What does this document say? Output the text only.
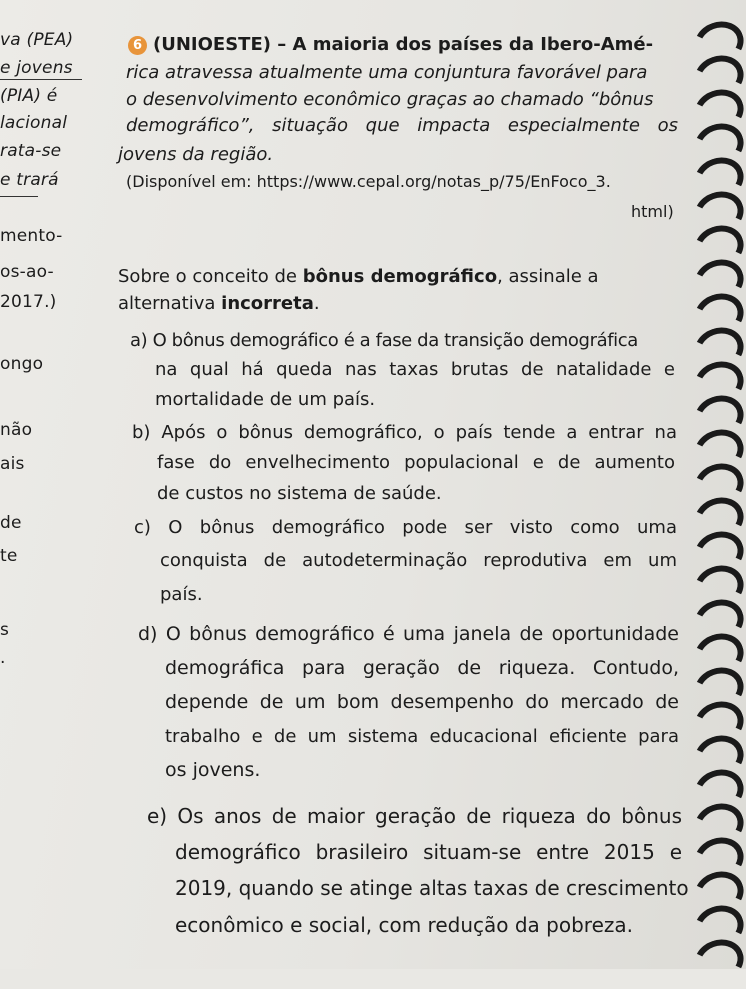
va (PEA)
e jovens
(PIA) é
lacional
rata-se
e trará
mento-
os-ao-
2017.)
ongo
não
ais
de
te
s
.
6 (UNIOESTE) – A maioria dos países da Ibero-Amé-
rica atravessa atualmente uma conjuntura favorável para
o desenvolvimento econômico graças ao chamado “bônus
demográfico”, situação que impacta especialmente os
jovens da região.
(Disponível em: https://www.cepal.org/notas_p/75/EnFoco_3.
html)
Sobre o conceito de bônus demográfico, assinale a
alternativa incorreta.
a) O bônus demográfico é a fase da transição demográfica
na qual há queda nas taxas brutas de natalidade e
mortalidade de um país.
b) Após o bônus demográfico, o país tende a entrar na
fase do envelhecimento populacional e de aumento
de custos no sistema de saúde.
c) O bônus demográfico pode ser visto como uma
conquista de autodeterminação reprodutiva em um
país.
d) O bônus demográfico é uma janela de oportunidade
demográfica para geração de riqueza. Contudo,
depende de um bom desempenho do mercado de
trabalho e de um sistema educacional eficiente para
os jovens.
e) Os anos de maior geração de riqueza do bônus
demográfico brasileiro situam-se entre 2015 e
2019, quando se atinge altas taxas de crescimento
econômico e social, com redução da pobreza.
